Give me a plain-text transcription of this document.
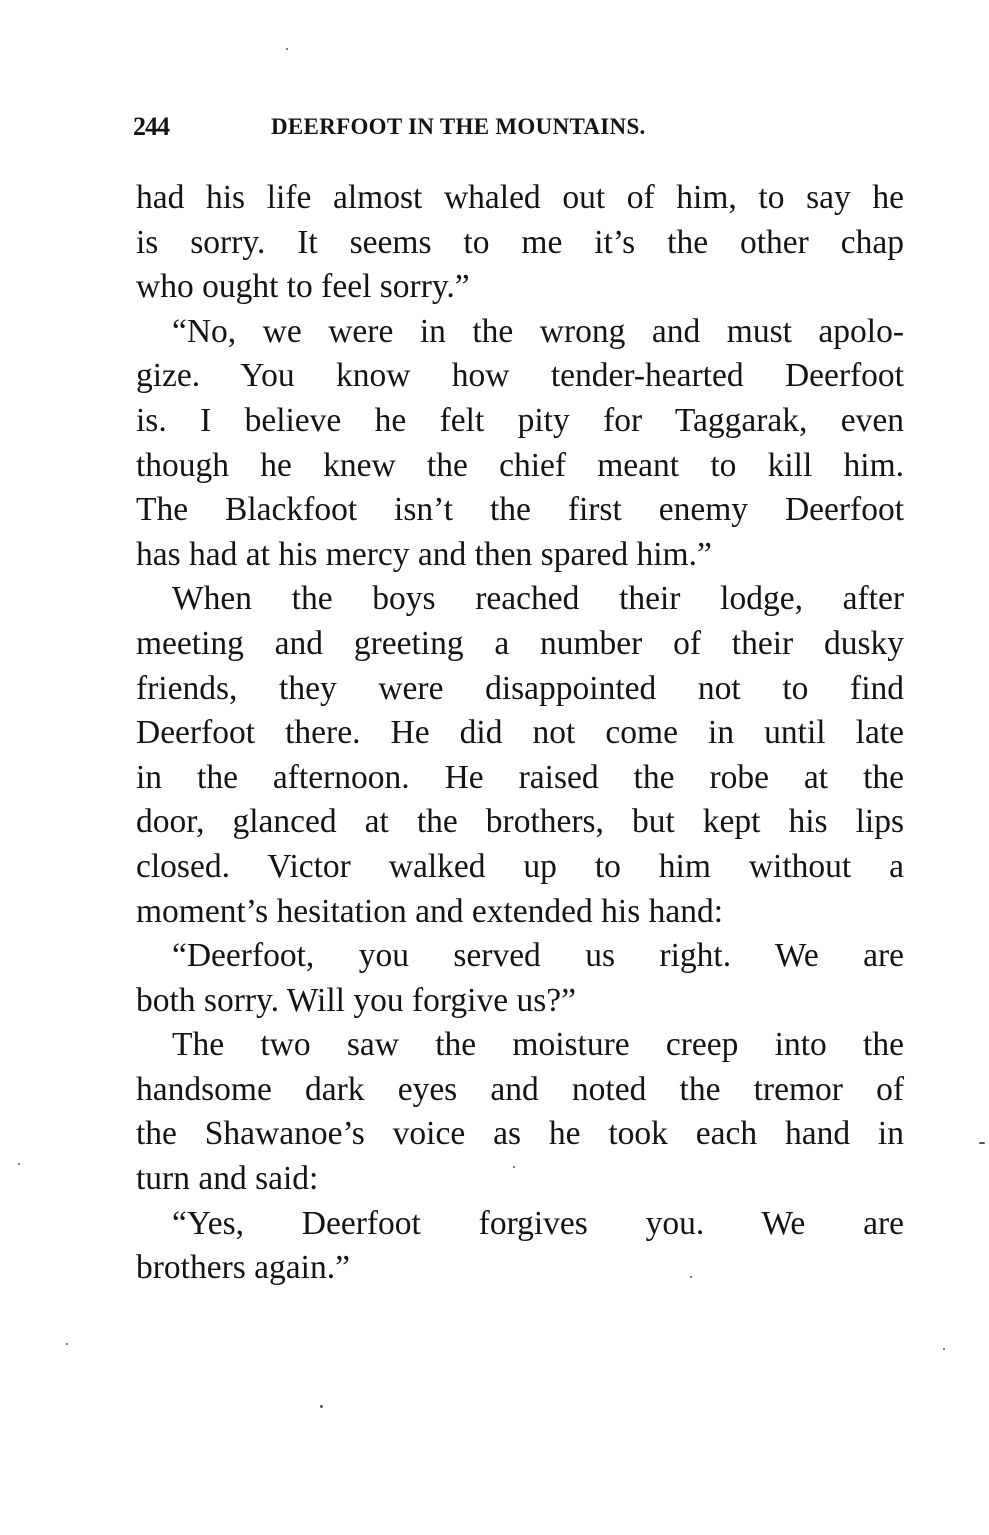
244	DEERFOOT IN THE MOUNTAINS.
had his life almost whaled out of him, to say he
is sorry. It seems to me it’s the other chap
who ought to feel sorry.”
“No, we were in the wrong and must apolo-
gize. You know how tender-hearted Deerfoot
is. I believe he felt pity for Taggarak, even
though he knew the chief meant to kill him.
The Blackfoot isn’t the first enemy Deerfoot
has had at his mercy and then spared him.”
When the boys reached their lodge, after
meeting and greeting a number of their dusky
friends, they were disappointed not to find
Deerfoot there. He did not come in until late
in the afternoon. He raised the robe at the
door, glanced at the brothers, but kept his lips
closed. Victor walked up to him without a
moment’s hesitation and extended his hand:
“Deerfoot, you served us right. We are
both sorry. Will you forgive us?”
The two saw the moisture creep into the
handsome dark eyes and noted the tremor of
the Shawanoe’s voice as he took each hand in
turn and said:
“Yes, Deerfoot forgives you. We are
brothers again.”
